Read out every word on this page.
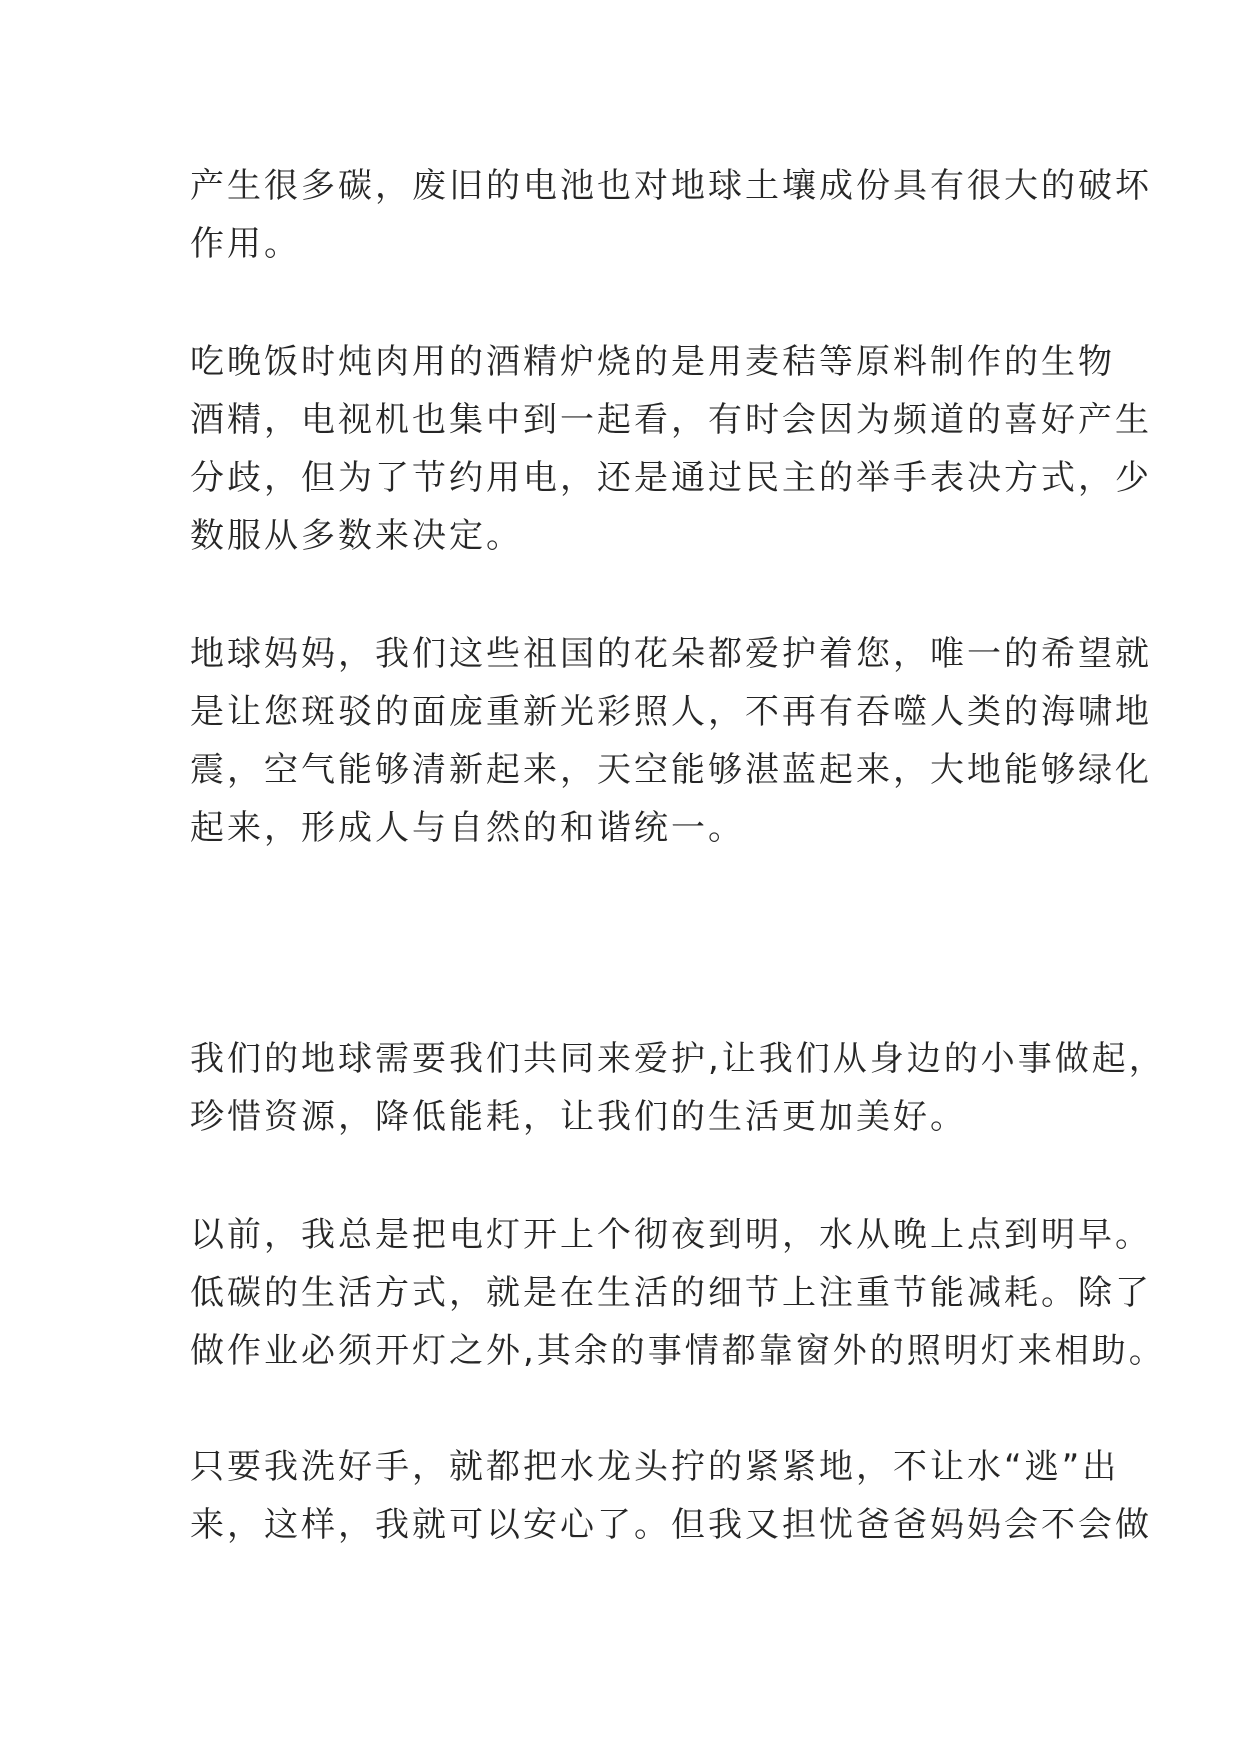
产生很多碳，废旧的电池也对地球土壤成份具有很大的破坏
作用。

吃晚饭时炖肉用的酒精炉烧的是用麦秸等原料制作的生物
酒精，电视机也集中到一起看，有时会因为频道的喜好产生
分歧，但为了节约用电，还是通过民主的举手表决方式，少
数服从多数来决定。

地球妈妈，我们这些祖国的花朵都爱护着您，唯一的希望就
是让您斑驳的面庞重新光彩照人，不再有吞噬人类的海啸地
震，空气能够清新起来，天空能够湛蓝起来，大地能够绿化
起来，形成人与自然的和谐统一。

我们的地球需要我们共同来爱护,让我们从身边的小事做起，
珍惜资源，降低能耗，让我们的生活更加美好。

以前，我总是把电灯开上个彻夜到明，水从晚上点到明早。
低碳的生活方式，就是在生活的细节上注重节能减耗。除了
做作业必须开灯之外,其余的事情都靠窗外的照明灯来相助。

只要我洗好手，就都把水龙头拧的紧紧地，不让水“逃”出
来，这样，我就可以安心了。但我又担忧爸爸妈妈会不会做
